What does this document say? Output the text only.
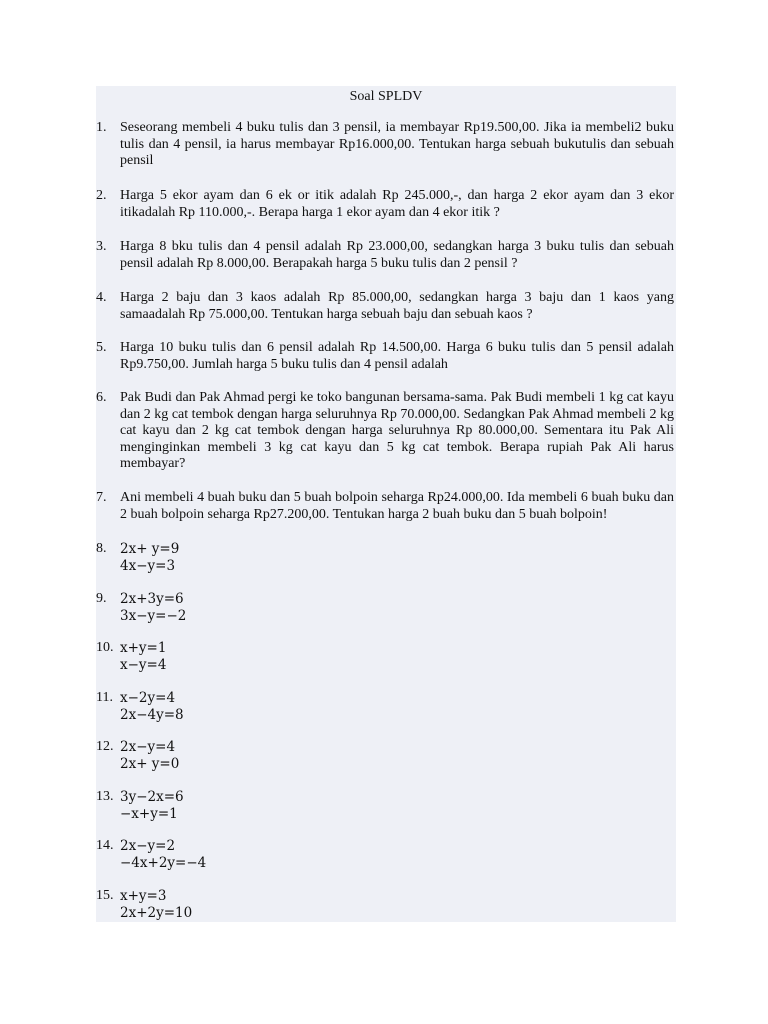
Soal SPLDV
1. Seseorang membeli 4 buku tulis dan 3 pensil, ia membayar Rp19.500,00. Jika ia membeli2 buku tulis dan 4 pensil, ia harus membayar Rp16.000,00. Tentukan harga sebuah bukutulis dan sebuah pensil
2. Harga 5 ekor ayam dan 6 ek or itik adalah Rp 245.000,-, dan harga 2 ekor ayam dan 3 ekor itikadalah Rp 110.000,-. Berapa harga 1 ekor ayam dan 4 ekor itik ?
3. Harga 8 bku tulis dan 4 pensil adalah Rp 23.000,00, sedangkan harga 3 buku tulis dan sebuah pensil adalah Rp 8.000,00. Berapakah harga 5 buku tulis dan 2 pensil ?
4. Harga 2 baju dan 3 kaos adalah Rp 85.000,00, sedangkan harga 3 baju dan 1 kaos yang samaadalah Rp 75.000,00. Tentukan harga sebuah baju dan sebuah kaos ?
5. Harga 10 buku tulis dan 6 pensil adalah Rp 14.500,00. Harga 6 buku tulis dan 5 pensil adalah Rp9.750,00. Jumlah harga 5 buku tulis dan 4 pensil adalah
6. Pak Budi dan Pak Ahmad pergi ke toko bangunan bersama-sama. Pak Budi membeli 1 kg cat kayu dan 2 kg cat tembok dengan harga seluruhnya Rp 70.000,00. Sedangkan Pak Ahmad membeli 2 kg cat kayu dan 2 kg cat tembok dengan harga seluruhnya Rp 80.000,00. Sementara itu Pak Ali menginginkan membeli 3 kg cat kayu dan 5 kg cat tembok. Berapa rupiah Pak Ali harus membayar?
7. Ani membeli 4 buah buku dan 5 buah bolpoin seharga Rp24.000,00. Ida membeli 6 buah buku dan 2 buah bolpoin seharga Rp27.200,00. Tentukan harga 2 buah buku dan 5 buah bolpoin!
8.	2x+ y=9
4x−y=3
9.	2x+3y=6
3x−y=−2
10. x+y=1
x−y=4
11. x−2y=4
2x−4y=8
12. 2x−y=4
2x+ y=0
13. 3y−2x=6
−x+y=1
14. 2x−y=2
−4x+2y=−4
15. x+y=3
2x+2y=10
